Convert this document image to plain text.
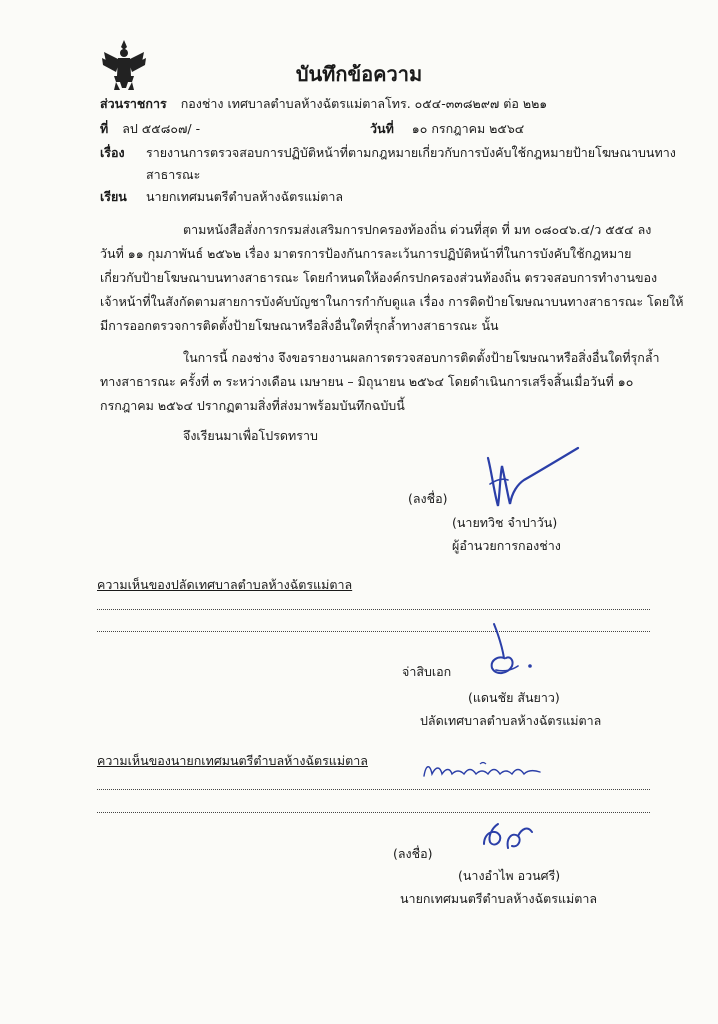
บันทึกข้อความ
ส่วนราชการ กองช่าง เทศบาลตำบลห้างฉัตรแม่ตาลโทร. ๐๕๔-๓๓๘๒๙๗ ต่อ ๒๒๑
ที่ ลป ๕๕๘๐๗/ -	วันที่ ๑๐ กรกฎาคม ๒๕๖๔
เรื่อง รายงานการตรวจสอบการปฏิบัติหน้าที่ตามกฎหมายเกี่ยวกับการบังคับใช้กฎหมายป้ายโฆษณาบนทาง
สาธารณะ
เรียน นายกเทศมนตรีตำบลห้างฉัตรแม่ตาล
ตามหนังสือสั่งการกรมส่งเสริมการปกครองท้องถิ่น ด่วนที่สุด ที่ มท ๐๘๐๔๖.๔/ว ๕๕๔ ลง
วันที่ ๑๑ กุมภาพันธ์ ๒๕๖๒ เรื่อง มาตรการป้องกันการละเว้นการปฏิบัติหน้าที่ในการบังคับใช้กฎหมาย
เกี่ยวกับป้ายโฆษณาบนทางสาธารณะ โดยกำหนดให้องค์กรปกครองส่วนท้องถิ่น ตรวจสอบการทำงานของ
เจ้าหน้าที่ในสังกัดตามสายการบังคับบัญชาในการกำกับดูแล เรื่อง การติดป้ายโฆษณาบนทางสาธารณะ โดยให้
มีการออกตรวจการติดตั้งป้ายโฆษณาหรือสิ่งอื่นใดที่รุกล้ำทางสาธารณะ นั้น
ในการนี้ กองช่าง จึงขอรายงานผลการตรวจสอบการติดตั้งป้ายโฆษณาหรือสิ่งอื่นใดที่รุกล้ำ
ทางสาธารณะ ครั้งที่ ๓ ระหว่างเดือน เมษายน – มิถุนายน ๒๕๖๔ โดยดำเนินการเสร็จสิ้นเมื่อวันที่ ๑๐
กรกฎาคม ๒๕๖๔ ปรากฏตามสิ่งที่ส่งมาพร้อมบันทึกฉบับนี้
จึงเรียนมาเพื่อโปรดทราบ
(ลงชื่อ)
(นายทวิช จำปาวัน)
ผู้อำนวยการกองช่าง
ความเห็นของปลัดเทศบาลตำบลห้างฉัตรแม่ตาล
จ่าสิบเอก
(แดนชัย สันยาว)
ปลัดเทศบาลตำบลห้างฉัตรแม่ตาล
ความเห็นของนายกเทศมนตรีตำบลห้างฉัตรแม่ตาล
(ลงชื่อ)
(นางอำไพ อวนศรี)
นายกเทศมนตรีตำบลห้างฉัตรแม่ตาล
